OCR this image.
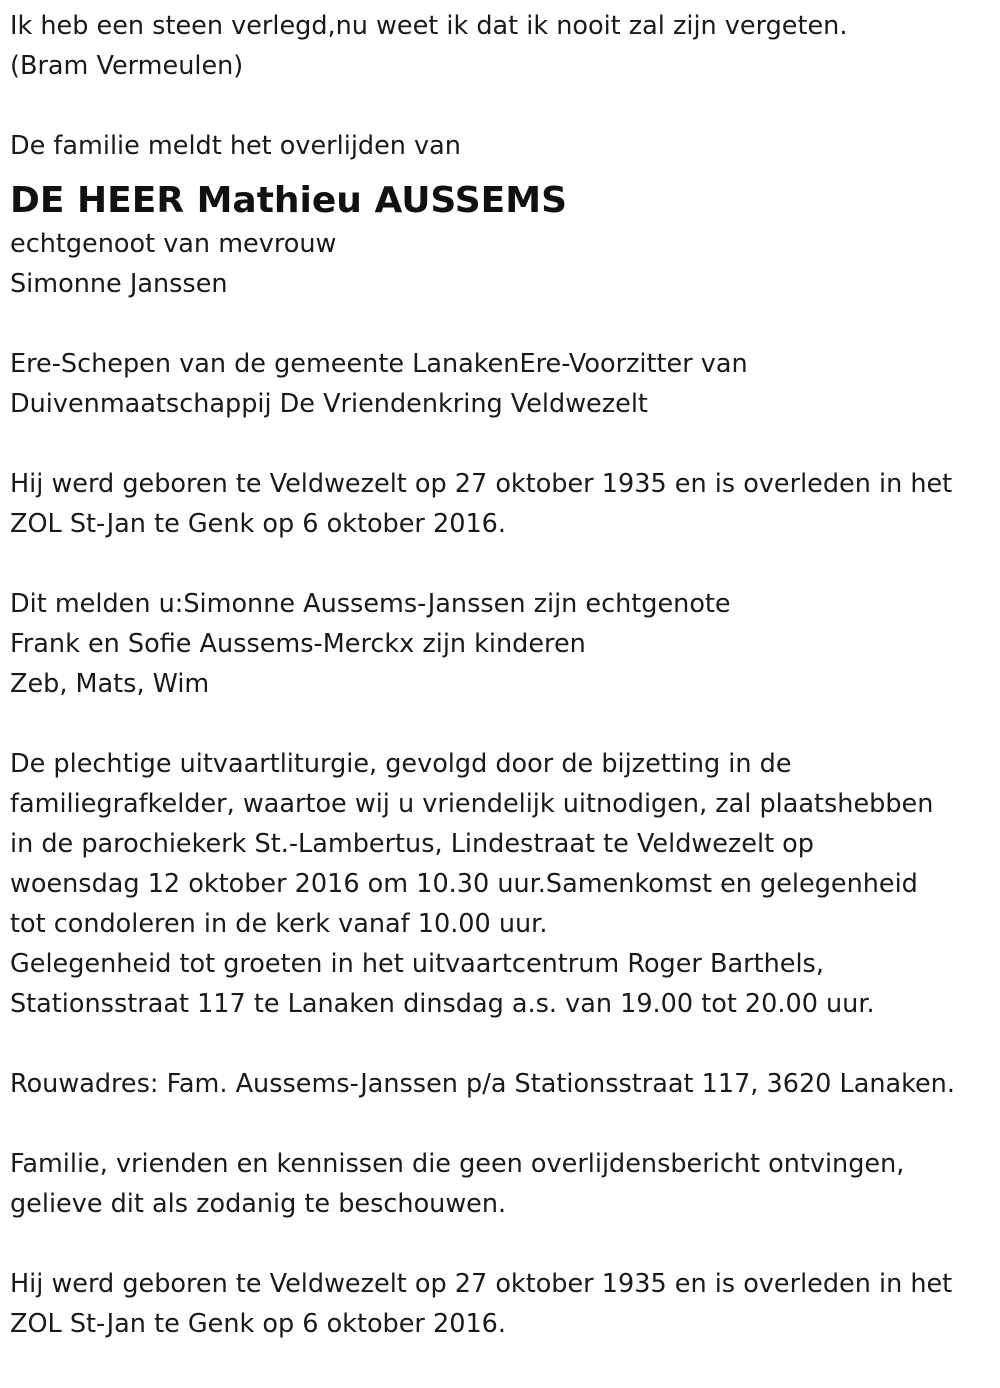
Ik heb een steen verlegd,nu weet ik dat ik nooit zal zijn vergeten.
(Bram Vermeulen)
De familie meldt het overlijden van
DE HEER Mathieu AUSSEMS
echtgenoot van mevrouw
Simonne Janssen
Ere-Schepen van de gemeente LanakenEre-Voorzitter van
Duivenmaatschappij De Vriendenkring Veldwezelt
Hij werd geboren te Veldwezelt op 27 oktober 1935 en is overleden in het
ZOL St-Jan te Genk op 6 oktober 2016.
Dit melden u:Simonne Aussems-Janssen zijn echtgenote
Frank en Sofie Aussems-Merckx zijn kinderen
Zeb, Mats, Wim
De plechtige uitvaartliturgie, gevolgd door de bijzetting in de
familiegrafkelder, waartoe wij u vriendelijk uitnodigen, zal plaatshebben
in de parochiekerk St.-Lambertus, Lindestraat te Veldwezelt op
woensdag 12 oktober 2016 om 10.30 uur.Samenkomst en gelegenheid
tot condoleren in de kerk vanaf 10.00 uur.
Gelegenheid tot groeten in het uitvaartcentrum Roger Barthels,
Stationsstraat 117 te Lanaken dinsdag a.s. van 19.00 tot 20.00 uur.
Rouwadres: Fam. Aussems-Janssen p/a Stationsstraat 117, 3620 Lanaken.
Familie, vrienden en kennissen die geen overlijdensbericht ontvingen,
gelieve dit als zodanig te beschouwen.
Hij werd geboren te Veldwezelt op 27 oktober 1935 en is overleden in het
ZOL St-Jan te Genk op 6 oktober 2016.
